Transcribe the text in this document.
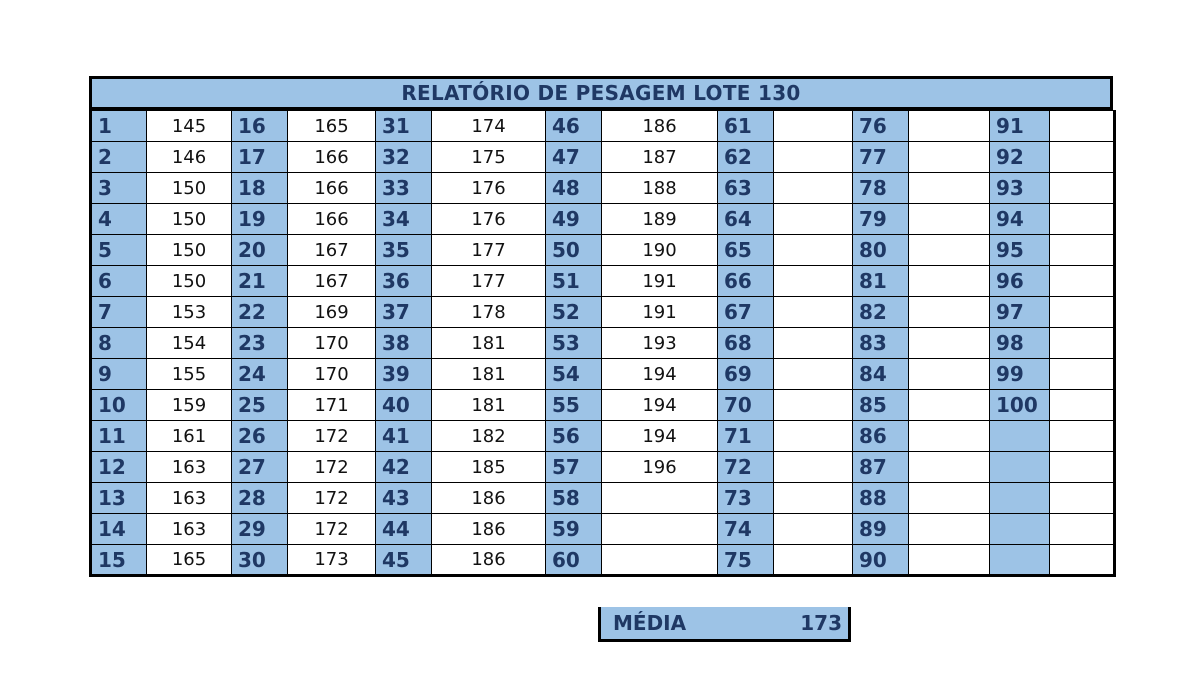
RELATÓRIO DE PESAGEM LOTE 130
1	145	16	165	31	174	46	186	61		76		91	
2	146	17	166	32	175	47	187	62		77		92	
3	150	18	166	33	176	48	188	63		78		93	
4	150	19	166	34	176	49	189	64		79		94	
5	150	20	167	35	177	50	190	65		80		95	
6	150	21	167	36	177	51	191	66		81		96	
7	153	22	169	37	178	52	191	67		82		97	
8	154	23	170	38	181	53	193	68		83		98	
9	155	24	170	39	181	54	194	69		84		99	
10	159	25	171	40	181	55	194	70		85		100	
11	161	26	172	41	182	56	194	71		86			
12	163	27	172	42	185	57	196	72		87			
13	163	28	172	43	186	58		73		88			
14	163	29	172	44	186	59		74		89			
15	165	30	173	45	186	60		75		90			
MÉDIA	173
